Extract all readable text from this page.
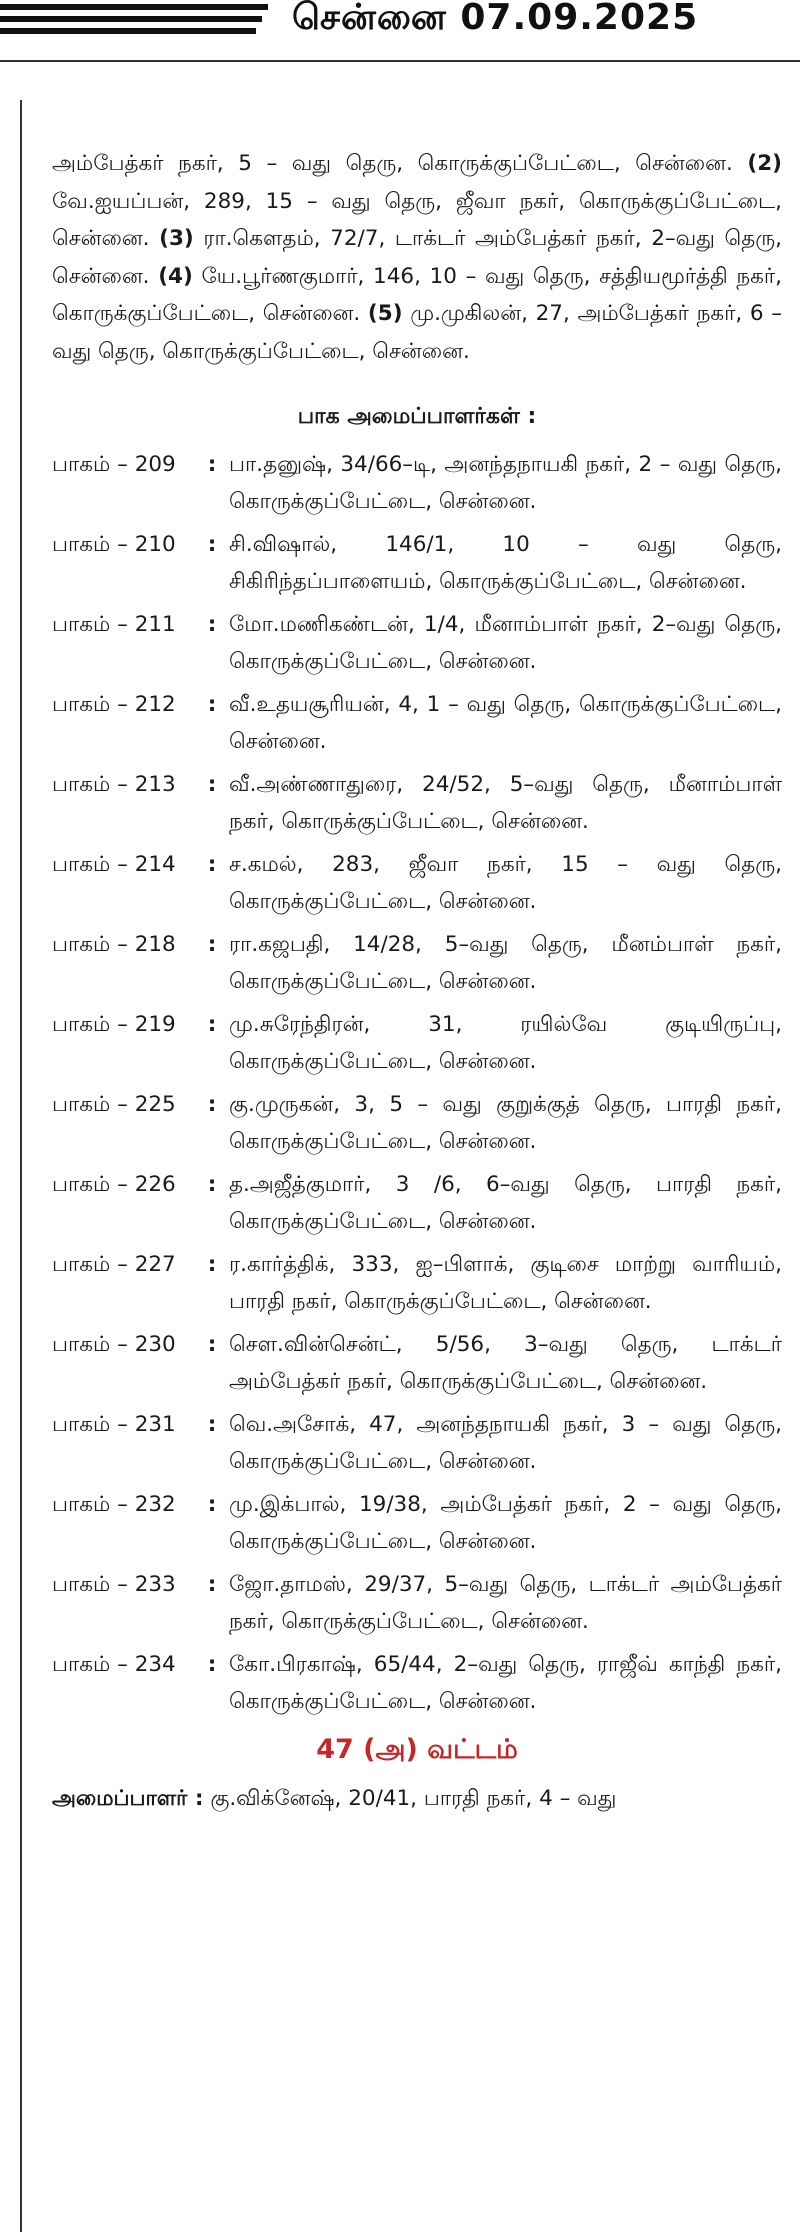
சென்னை 07.09.2025

அம்பேத்கர் நகர், 5 – வது தெரு, கொருக்குப்பேட்டை, சென்னை. (2) வே.ஐயப்பன், 289, 15 – வது தெரு, ஜீவா நகர், கொருக்குப்பேட்டை, சென்னை. (3) ரா.கௌதம், 72/7, டாக்டர் அம்பேத்கர் நகர், 2–வது தெரு, சென்னை. (4) யே.பூர்ணகுமார், 146, 10 – வது தெரு, சத்தியமூர்த்தி நகர், கொருக்குப்பேட்டை, சென்னை. (5) மு.முகிலன், 27, அம்பேத்கர் நகர், 6 – வது தெரு, கொருக்குப்பேட்டை, சென்னை.

பாக அமைப்பாளர்கள் :
பாகம் – 209	: பா.தனுஷ், 34/66–டி, அனந்தநாயகி நகர், 2 – வது தெரு, கொருக்குப்பேட்டை, சென்னை.
பாகம் – 210	: சி.விஷால், 146/1, 10 – வது தெரு, சிகிரிந்தப்பாளையம், கொருக்குப்பேட்டை, சென்னை.
பாகம் – 211	: மோ.மணிகண்டன், 1/4, மீனாம்பாள் நகர், 2–வது தெரு, கொருக்குப்பேட்டை, சென்னை.
பாகம் – 212	: வீ.உதயசூரியன், 4, 1 – வது தெரு, கொருக்குப்பேட்டை, சென்னை.
பாகம் – 213	: வீ.அண்ணாதுரை, 24/52, 5–வது தெரு, மீனாம்பாள் நகர், கொருக்குப்பேட்டை, சென்னை.
பாகம் – 214	: ச.கமல், 283, ஜீவா நகர், 15 – வது தெரு, கொருக்குப்பேட்டை, சென்னை.
பாகம் – 218	: ரா.கஜபதி, 14/28, 5–வது தெரு, மீனம்பாள் நகர், கொருக்குப்பேட்டை, சென்னை.
பாகம் – 219	: மு.சுரேந்திரன், 31, ரயில்வே குடியிருப்பு, கொருக்குப்பேட்டை, சென்னை.
பாகம் – 225	: கு.முருகன், 3, 5 – வது குறுக்குத் தெரு, பாரதி நகர், கொருக்குப்பேட்டை, சென்னை.
பாகம் – 226	: த.அஜீத்குமார், 3 /6, 6–வது தெரு, பாரதி நகர், கொருக்குப்பேட்டை, சென்னை.
பாகம் – 227	: ர.கார்த்திக், 333, ஐ–பிளாக், குடிசை மாற்று வாரியம், பாரதி நகர், கொருக்குப்பேட்டை, சென்னை.
பாகம் – 230	: சௌ.வின்சென்ட், 5/56, 3–வது தெரு, டாக்டர் அம்பேத்கர் நகர், கொருக்குப்பேட்டை, சென்னை.
பாகம் – 231	: வெ.அசோக், 47, அனந்தநாயகி நகர், 3 – வது தெரு, கொருக்குப்பேட்டை, சென்னை.
பாகம் – 232	: மு.இக்பால், 19/38, அம்பேத்கர் நகர், 2 – வது தெரு, கொருக்குப்பேட்டை, சென்னை.
பாகம் – 233	: ஜோ.தாமஸ், 29/37, 5–வது தெரு, டாக்டர் அம்பேத்கர் நகர், கொருக்குப்பேட்டை, சென்னை.
பாகம் – 234	: கோ.பிரகாஷ், 65/44, 2–வது தெரு, ராஜீவ் காந்தி நகர், கொருக்குப்பேட்டை, சென்னை.
47 (அ) வட்டம்

அமைப்பாளர் : கு.விக்னேஷ், 20/41, பாரதி நகர், 4 – வது
